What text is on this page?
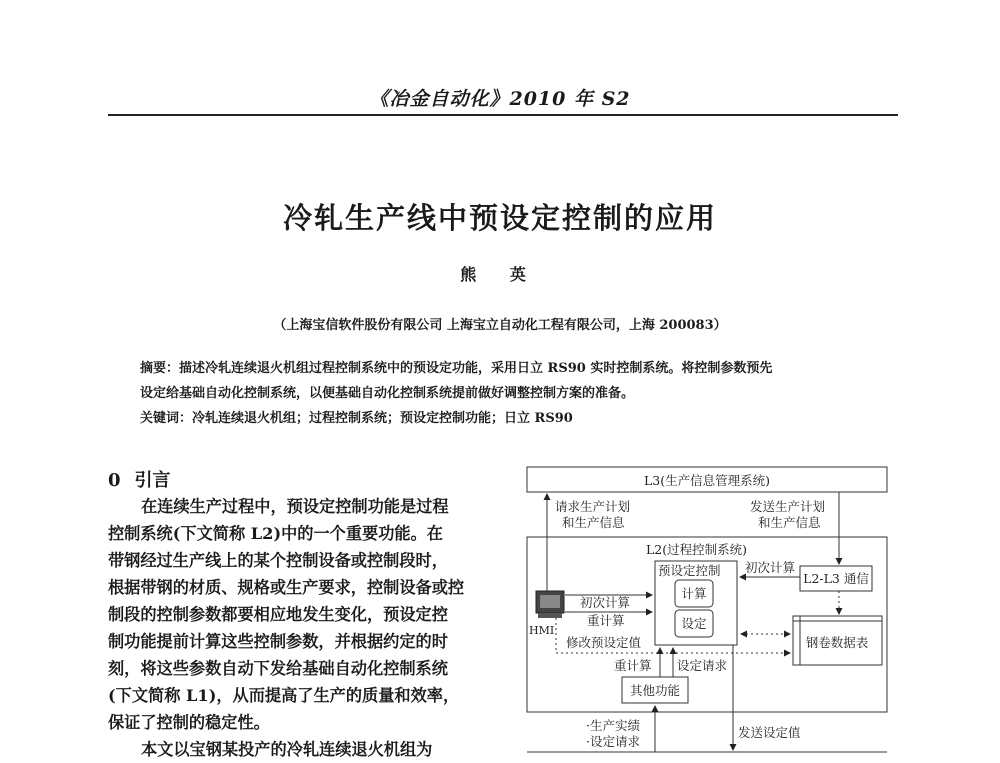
《冶金自动化》2010 年 S2
冷轧生产线中预设定控制的应用
熊 英
（上海宝信软件股份有限公司 上海宝立自动化工程有限公司，上海 200083）
摘要：描述冷轧连续退火机组过程控制系统中的预设定功能，采用日立 RS90 实时控制系统。将控制参数预先
设定给基础自动化控制系统，以便基础自动化控制系统提前做好调整控制方案的准备。
关键词：冷轧连续退火机组；过程控制系统；预设定控制功能；日立 RS90
0 引言
在连续生产过程中，预设定控制功能是过程
控制系统(下文简称 L2)中的一个重要功能。在
带钢经过生产线上的某个控制设备或控制段时，
根据带钢的材质、规格或生产要求，控制设备或控
制段的控制参数都要相应地发生变化，预设定控
制功能提前计算这些控制参数，并根据约定的时
刻，将这些参数自动下发给基础自动化控制系统
(下文简称 L1)，从而提高了生产的质量和效率，
保证了控制的稳定性。
本文以宝钢某投产的冷轧连续退火机组为
L3(生产信息管理系统)
请求生产计划
和生产信息
发送生产计划
和生产信息
L2(过程控制系统)
预设定控制
计算
设定
初次计算
L2-L3 通信
HMI
初次计算
重计算
修改预设定值	钢卷数据表
重计算 设定请求
其他功能
·生产实绩
·设定请求
发送设定值
